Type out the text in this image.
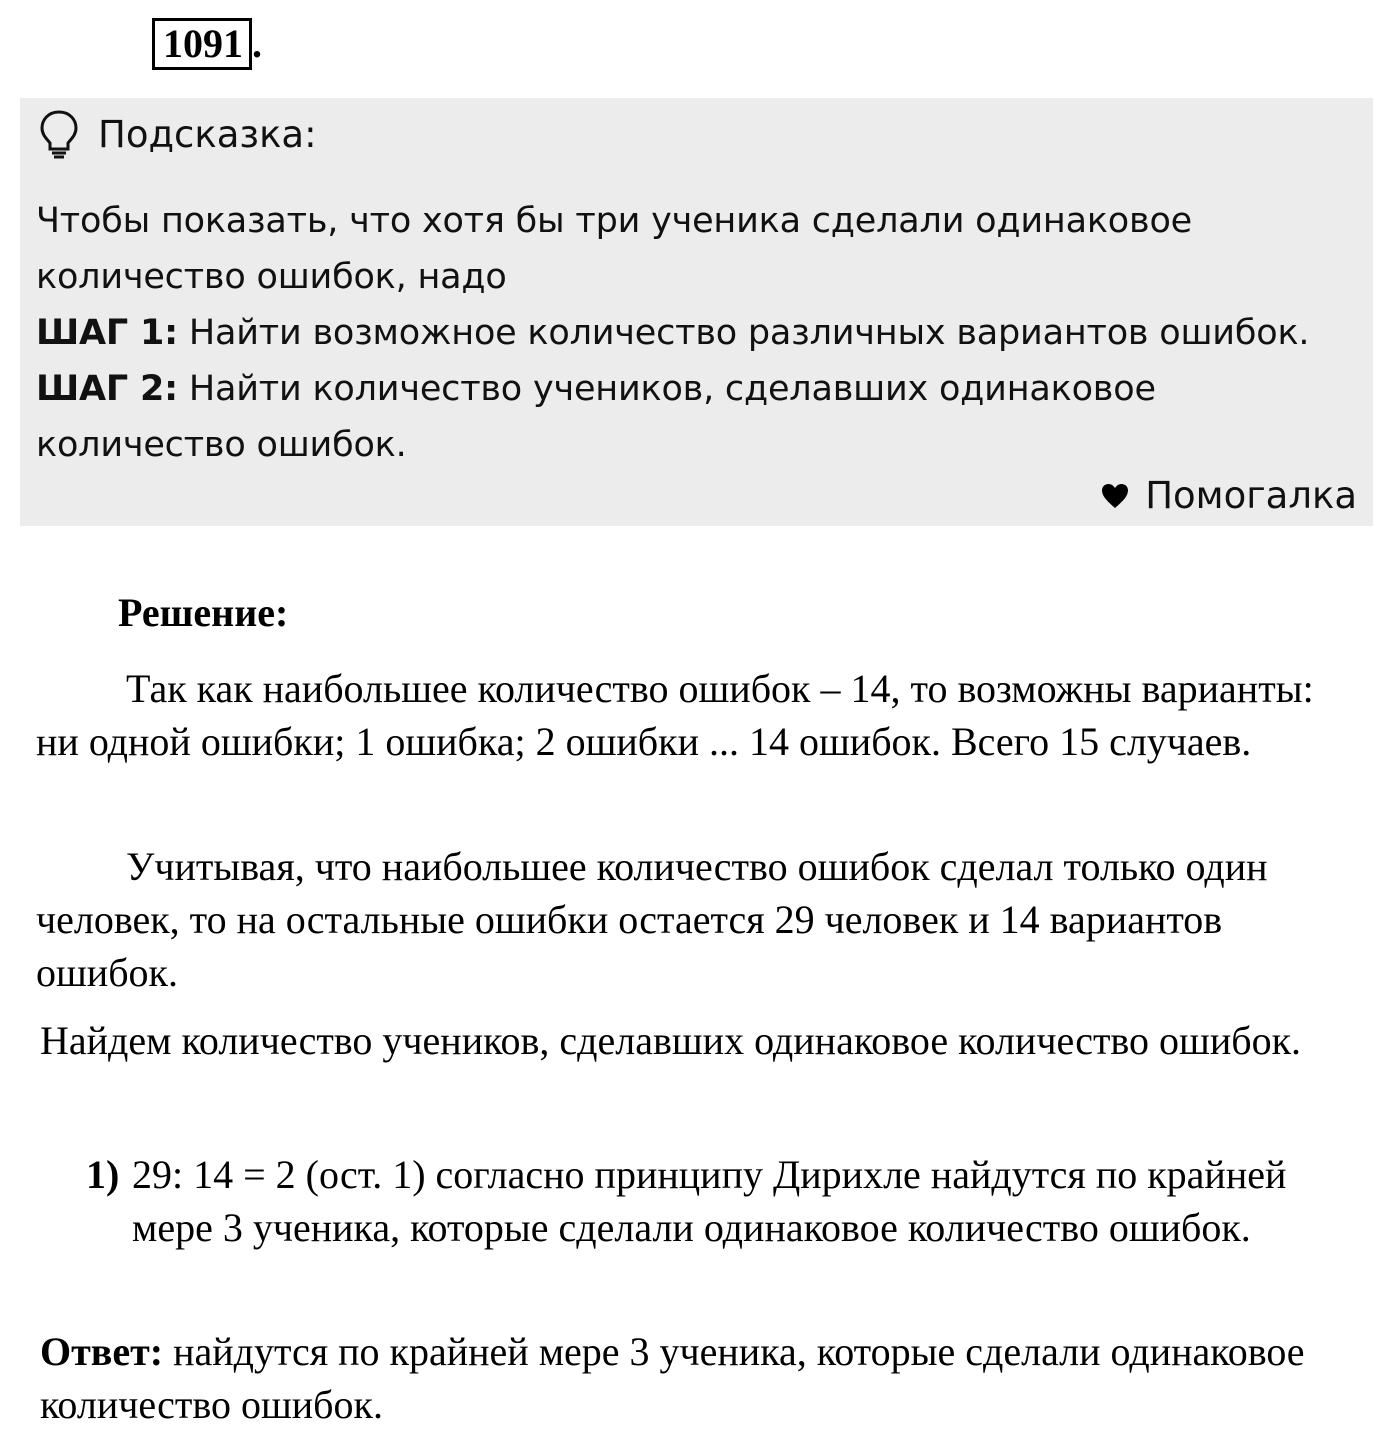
1091 .
Подсказка:
Чтобы показать, что хотя бы три ученика сделали одинаковое
количество ошибок, надо
ШАГ 1: Найти возможное количество различных вариантов ошибок.
ШАГ 2: Найти количество учеников, сделавших одинаковое
количество ошибок.
Помогалка
Решение:
Так как наибольшее количество ошибок – 14, то возможны варианты: ни одной ошибки; 1 ошибка; 2 ошибки ... 14 ошибок. Всего 15 случаев.
Учитывая, что наибольшее количество ошибок сделал только один человек, то на остальные ошибки остается 29 человек и 14 вариантов ошибок.
Найдем количество учеников, сделавших одинаковое количество ошибок.
1) 29: 14 = 2 (ост. 1) согласно принципу Дирихле найдутся по крайней мере 3 ученика, которые сделали одинаковое количество ошибок.
Ответ: найдутся по крайней мере 3 ученика, которые сделали одинаковое количество ошибок.
